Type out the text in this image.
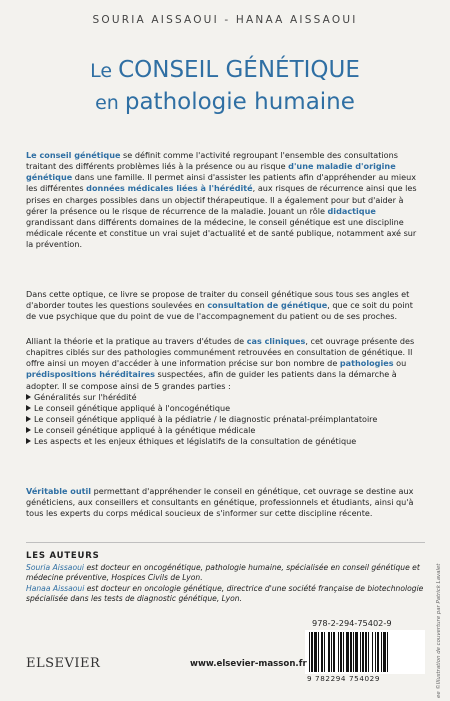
SOURIA AISSAOUI - HANAA AISSAOUI
Le CONSEIL GÉNÉTIQUE
en pathologie humaine

Le conseil génétique se définit comme l'activité regroupant l'ensemble des consultations traitant des différents problèmes liés à la présence ou au risque d'une maladie d'origine génétique dans une famille. Il permet ainsi d'assister les patients afin d'appréhender au mieux les différentes données médicales liées à l'hérédité, aux risques de récurrence ainsi que les prises en charges possibles dans un objectif thérapeutique. Il a également pour but d'aider à gérer la présence ou le risque de récurrence de la maladie. Jouant un rôle didactique grandissant dans différents domaines de la médecine, le conseil génétique est une discipline médicale récente et constitue un vrai sujet d'actualité et de santé publique, notamment axé sur la prévention.

Dans cette optique, ce livre se propose de traiter du conseil génétique sous tous ses angles et d'aborder toutes les questions soulevées en consultation de génétique, que ce soit du point de vue psychique que du point de vue de l'accompagnement du patient ou de ses proches.

Alliant la théorie et la pratique au travers d'études de cas cliniques, cet ouvrage présente des chapitres ciblés sur des pathologies communément retrouvées en consultation de génétique. Il offre ainsi un moyen d'accéder à une information précise sur bon nombre de pathologies ou prédispositions héréditaires suspectées, afin de guider les patients dans la démarche à adopter. Il se compose ainsi de 5 grandes parties :

Généralités sur l'hérédité
Le conseil génétique appliqué à l'oncogénétique
Le conseil génétique appliqué à la pédiatrie / le diagnostic prénatal-préimplantatoire
Le conseil génétique appliqué à la génétique médicale
Les aspects et les enjeux éthiques et législatifs de la consultation de génétique

Véritable outil permettant d'appréhender le conseil en génétique, cet ouvrage se destine aux généticiens, aux conseillers et consultants en génétique, professionnels et étudiants, ainsi qu'à tous les experts du corps médical soucieux de s'informer sur cette discipline récente.

LES AUTEURS
Souria Aissaoui est docteur en oncogénétique, pathologie humaine, spécialisée en conseil génétique et médecine préventive, Hospices Civils de Lyon.
Hanaa Aissaoui est docteur en oncologie génétique, directrice d'une société française de biotechnologie spécialisée dans les tests de diagnostic génétique, Lyon.	ee ©Illustration de couverture par Patrick Lavalet
978-2-294-75402-9
9 782294 754029
ELSEVIER	www.elsevier-masson.fr
